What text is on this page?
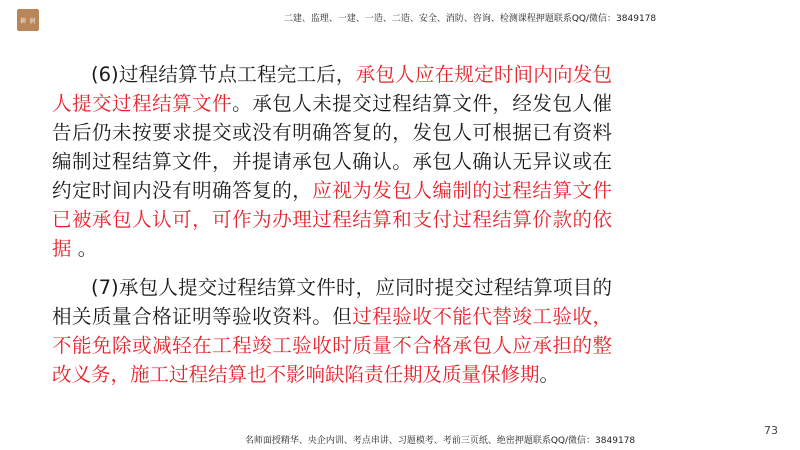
耕 润	二建、监理、一建、一造、二造、安全、消防、咨询、检测课程押题联系QQ/微信：3849178

(6)过程结算节点工程完工后，承包人应在规定时间内向发包人提交过程结算文件。承包人未提交过程结算文件，经发包人催告后仍未按要求提交或没有明确答复的，发包人可根据已有资料编制过程结算文件，并提请承包人确认。承包人确认无异议或在约定时间内没有明确答复的，应视为发包人编制的过程结算文件已被承包人认可，可作为办理过程结算和支付过程结算价款的依据 。

(7)承包人提交过程结算文件时，应同时提交过程结算项目的相关质量合格证明等验收资料。但过程验收不能代替竣工验收，不能免除或减轻在工程竣工验收时质量不合格承包人应承担的整改义务，施工过程结算也不影响缺陷责任期及质量保修期。

73
名师面授精华、央企内训、考点串讲、习题模考、考前三页纸、绝密押题联系QQ/微信：3849178
